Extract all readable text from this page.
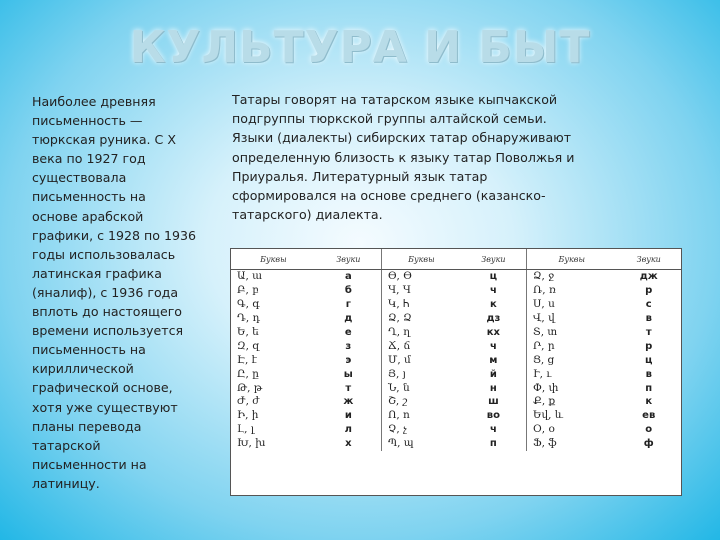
КУЛЬТУРА И БЫТ
Наиболее древняя
письменность —
тюркская руника. С X
века по 1927 год
существовала
письменность на
основе арабской
графики, с 1928 по 1936
годы использовалась
латинская графика
(яналиф), с 1936 года
вплоть до настоящего
времени используется
письменность на
кириллической
графической основе,
хотя уже существуют
планы перевода
татарской
письменности на
латиницу.
Татары говорят на татарском языке кыпчакской
подгруппы тюркской группы алтайской семьи.
Языки (диалекты) сибирских татар обнаруживают
определенную близость к языку татар Поволжья и
Приуралья. Литературный язык татар
сформировался на основе среднего (казанско-
татарского) диалекта.
Буквы	Звуки	Буквы	Звуки	Буквы	Звуки
Ա, ա	а	ϴ, ϴ	ц	Ձ, ջ	дж
Բ, բ	б	Ч, Ч	ч	Ռ, ռ	р
Գ, գ	г	Կ, Ꮒ	к	Ս, ս	с
Դ, դ	д	Ձ, Ձ	дз	Վ, վ	в
Ե, ե	е	Ղ, ղ	кх	Տ, տ	т
Զ, զ	з	Ճ, ճ	ч	Ր, ր	р
Է, է	э	Մ, մ	м	Ց, ց	ц
Ը, ը	ы	Յ, յ	й	Ւ, ւ	в
Թ, թ	т	Ն, ն	н	Փ, փ	п
Ժ, ժ	ж	Շ, շ	ш	Ք, ք	к
Ի, ի	и	Ո, ո	во	Եվ, և	ев
Լ, լ	л	Չ, չ	ч	Օ, օ	о
Խ, խ	х	Պ, պ	п	Ֆ, ֆ	ф
